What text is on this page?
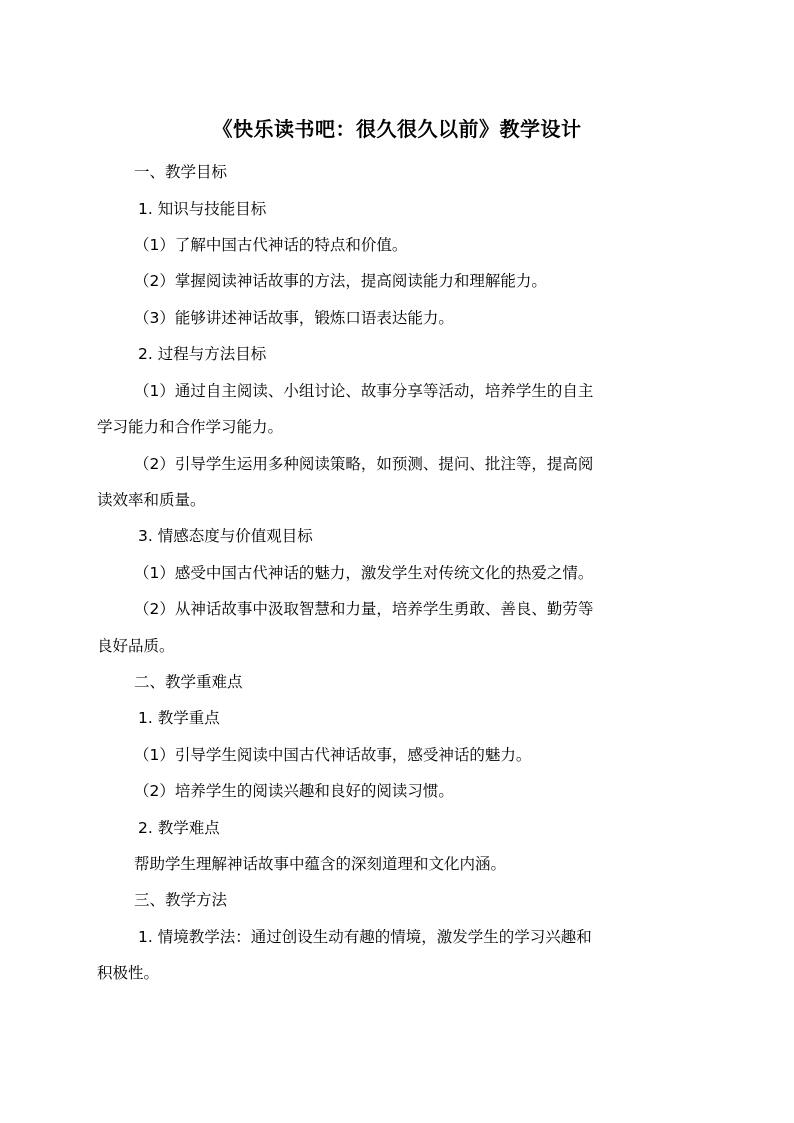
《快乐读书吧：很久很久以前》教学设计
一、教学目标
1. 知识与技能目标
（1）了解中国古代神话的特点和价值。
（2）掌握阅读神话故事的方法，提高阅读能力和理解能力。
（3）能够讲述神话故事，锻炼口语表达能力。
2. 过程与方法目标
（1）通过自主阅读、小组讨论、故事分享等活动，培养学生的自主
学习能力和合作学习能力。
（2）引导学生运用多种阅读策略，如预测、提问、批注等，提高阅
读效率和质量。
3. 情感态度与价值观目标
（1）感受中国古代神话的魅力，激发学生对传统文化的热爱之情。
（2）从神话故事中汲取智慧和力量，培养学生勇敢、善良、勤劳等
良好品质。
二、教学重难点
1. 教学重点
（1）引导学生阅读中国古代神话故事，感受神话的魅力。
（2）培养学生的阅读兴趣和良好的阅读习惯。
2. 教学难点
帮助学生理解神话故事中蕴含的深刻道理和文化内涵。
三、教学方法
1. 情境教学法：通过创设生动有趣的情境，激发学生的学习兴趣和
积极性。
